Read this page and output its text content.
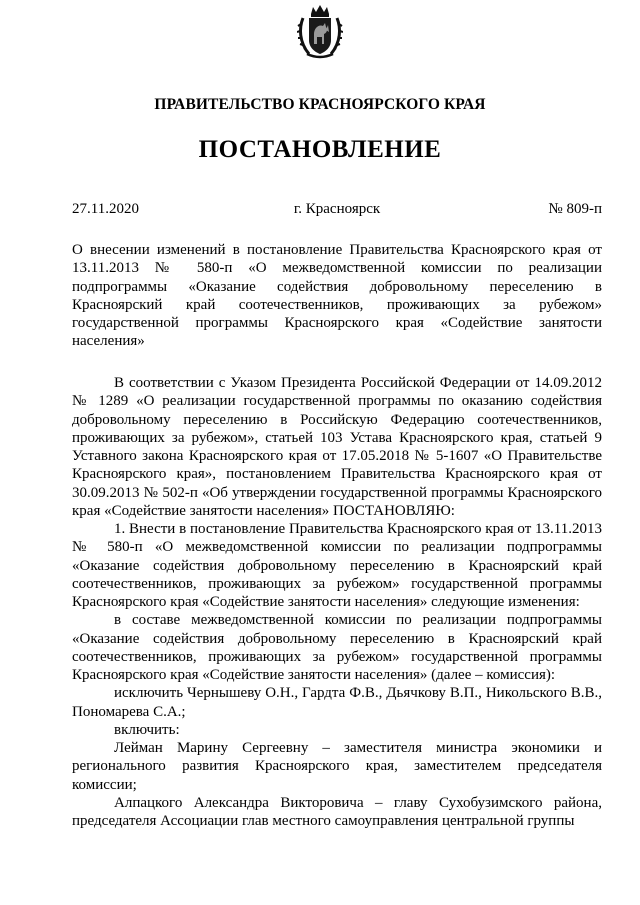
ПРАВИТЕЛЬСТВО КРАСНОЯРСКОГО КРАЯ
ПОСТАНОВЛЕНИЕ
г. Красноярск
27.11.2020	№ 809-п

О внесении изменений в постановление Правительства Красноярского края от 13.11.2013 № 580-п «О межведомственной комиссии по реализации подпрограммы «Оказание содействия добровольному переселению в Красноярский край соотечественников, проживающих за рубежом» государственной программы Красноярского края «Содействие занятости населения»

В соответствии с Указом Президента Российской Федерации от 14.09.2012 № 1289 «О реализации государственной программы по оказанию содействия добровольному переселению в Российскую Федерацию соотечественников, проживающих за рубежом», статьей 103 Устава Красноярского края, статьей 9 Уставного закона Красноярского края от 17.05.2018 № 5-1607 «О Правительстве Красноярского края», постановлением Правительства Красноярского края от 30.09.2013 № 502-п «Об утверждении государственной программы Красноярского края «Содействие занятости населения» ПОСТАНОВЛЯЮ:

1. Внести в постановление Правительства Красноярского края от 13.11.2013 № 580-п «О межведомственной комиссии по реализации подпрограммы «Оказание содействия добровольному переселению в Красноярский край соотечественников, проживающих за рубежом» государственной программы Красноярского края «Содействие занятости населения» следующие изменения:

в составе межведомственной комиссии по реализации подпрограммы «Оказание содействия добровольному переселению в Красноярский край соотечественников, проживающих за рубежом» государственной программы Красноярского края «Содействие занятости населения» (далее – комиссия):

исключить Чернышеву О.Н., Гардта Ф.В., Дьячкову В.П., Никольского В.В., Пономарева С.А.;

включить:

Лейман Марину Сергеевну – заместителя министра экономики и регионального развития Красноярского края, заместителем председателя комиссии;

Алпацкого Александра Викторовича – главу Сухобузимского района, председателя Ассоциации глав местного самоуправления центральной группы
